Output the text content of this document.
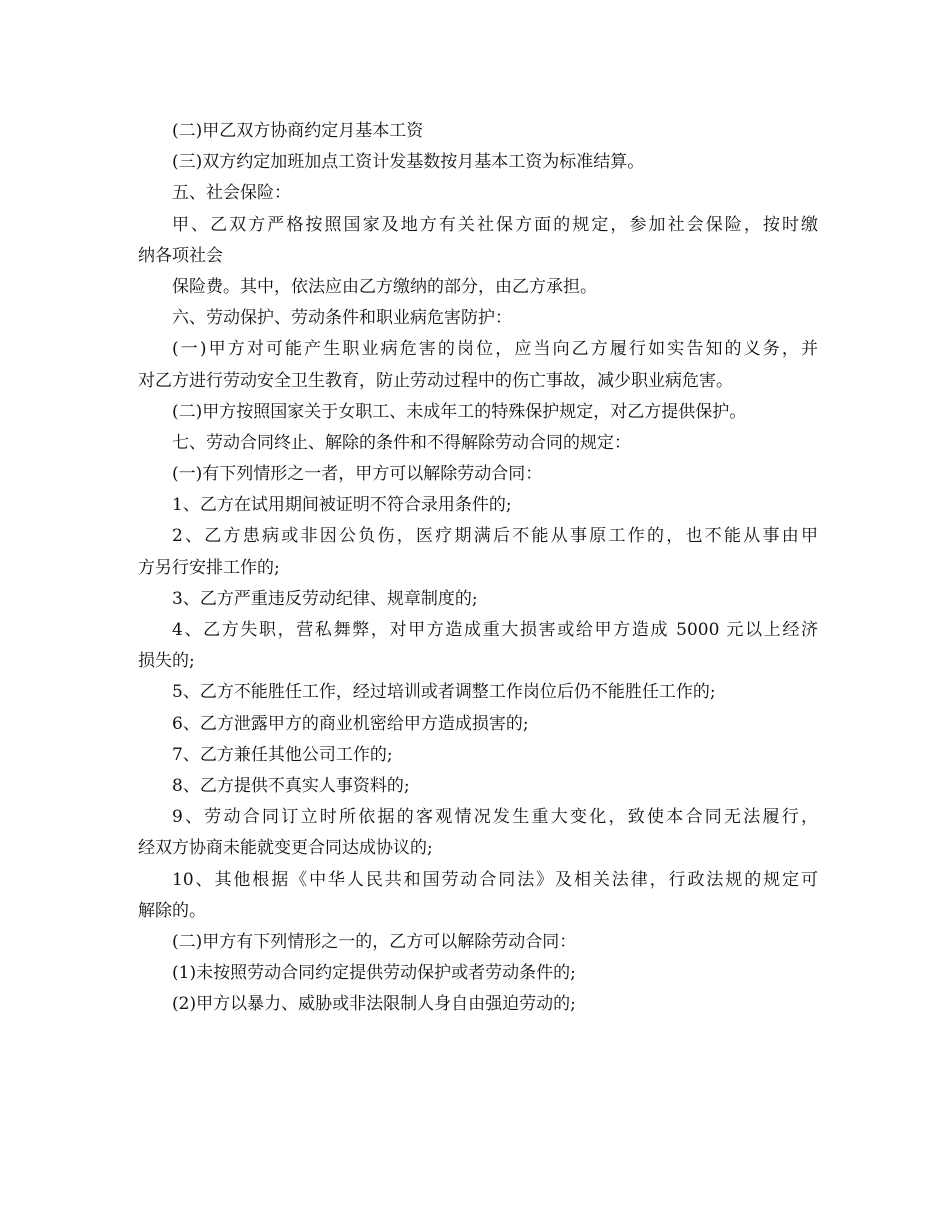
(二)甲乙双方协商约定月基本工资
(三)双方约定加班加点工资计发基数按月基本工资为标准结算。
五、社会保险：
甲、乙双方严格按照国家及地方有关社保方面的规定，参加社会保险，按时缴
纳各项社会
保险费。其中，依法应由乙方缴纳的部分，由乙方承担。
六、劳动保护、劳动条件和职业病危害防护：
(一)甲方对可能产生职业病危害的岗位，应当向乙方履行如实告知的义务，并
对乙方进行劳动安全卫生教育，防止劳动过程中的伤亡事故，减少职业病危害。
(二)甲方按照国家关于女职工、未成年工的特殊保护规定，对乙方提供保护。
七、劳动合同终止、解除的条件和不得解除劳动合同的规定：
(一)有下列情形之一者，甲方可以解除劳动合同：
1、乙方在试用期间被证明不符合录用条件的;
2、乙方患病或非因公负伤，医疗期满后不能从事原工作的，也不能从事由甲
方另行安排工作的;
3、乙方严重违反劳动纪律、规章制度的;
4、乙方失职，营私舞弊，对甲方造成重大损害或给甲方造成 5000 元以上经济
损失的;
5、乙方不能胜任工作，经过培训或者调整工作岗位后仍不能胜任工作的;
6、乙方泄露甲方的商业机密给甲方造成损害的;
7、乙方兼任其他公司工作的;
8、乙方提供不真实人事资料的;
9、劳动合同订立时所依据的客观情况发生重大变化，致使本合同无法履行，
经双方协商未能就变更合同达成协议的;
10、其他根据《中华人民共和国劳动合同法》及相关法律，行政法规的规定可
解除的。
(二)甲方有下列情形之一的，乙方可以解除劳动合同：
(1)未按照劳动合同约定提供劳动保护或者劳动条件的;
(2)甲方以暴力、威胁或非法限制人身自由强迫劳动的;
